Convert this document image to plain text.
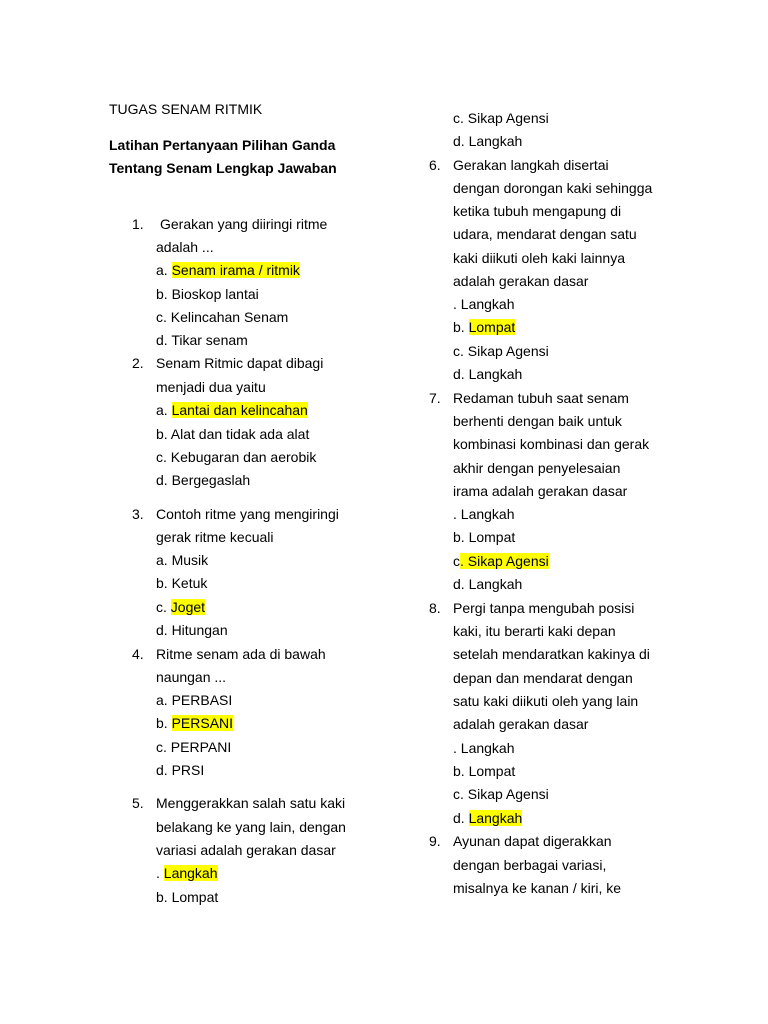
TUGAS SENAM RITMIK
Latihan Pertanyaan Pilihan Ganda
Tentang Senam Lengkap Jawaban
1. Gerakan yang diiringi ritme
adalah ...
a. Senam irama / ritmik
b. Bioskop lantai
c. Kelincahan Senam
d. Tikar senam
2. Senam Ritmic dapat dibagi
menjadi dua yaitu
a. Lantai dan kelincahan
b. Alat dan tidak ada alat
c. Kebugaran dan aerobik
d. Bergegaslah
3. Contoh ritme yang mengiringi
gerak ritme kecuali
a. Musik
b. Ketuk
c. Joget
d. Hitungan
4. Ritme senam ada di bawah
naungan ...
a. PERBASI
b. PERSANI
c. PERPANI
d. PRSI
5. Menggerakkan salah satu kaki
belakang ke yang lain, dengan
variasi adalah gerakan dasar
. Langkah
b. Lompat
c. Sikap Agensi
d. Langkah
6. Gerakan langkah disertai
dengan dorongan kaki sehingga
ketika tubuh mengapung di
udara, mendarat dengan satu
kaki diikuti oleh kaki lainnya
adalah gerakan dasar
. Langkah
b. Lompat
c. Sikap Agensi
d. Langkah
7. Redaman tubuh saat senam
berhenti dengan baik untuk
kombinasi kombinasi dan gerak
akhir dengan penyelesaian
irama adalah gerakan dasar
. Langkah
b. Lompat
c. Sikap Agensi
d. Langkah
8. Pergi tanpa mengubah posisi
kaki, itu berarti kaki depan
setelah mendaratkan kakinya di
depan dan mendarat dengan
satu kaki diikuti oleh yang lain
adalah gerakan dasar
. Langkah
b. Lompat
c. Sikap Agensi
d. Langkah
9. Ayunan dapat digerakkan
dengan berbagai variasi,
misalnya ke kanan / kiri, ke
